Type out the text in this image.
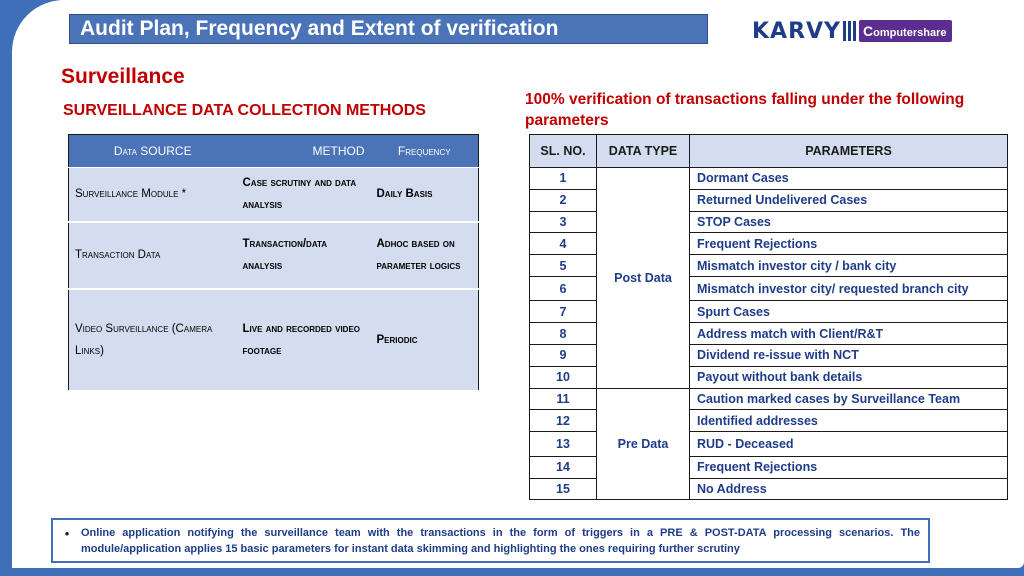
Audit Plan, Frequency and Extent of verification	KARVY Computershare
Surveillance
SURVEILLANCE DATA COLLECTION METHODS
100% verification of transactions falling under the following parameters
Data SOURCE	METHOD	Frequency
Surveillance Module *	Case scrutiny and data analysis	Daily Basis
Transaction Data	Transaction/data analysis	Adhoc based on parameter logics
Video Surveillance (Camera Links)	Live and recorded video footage	Periodic
SL. NO.	DATA TYPE	PARAMETERS
1	Post Data	Dormant Cases
2		Returned Undelivered Cases
3		STOP Cases
4		Frequent Rejections
5		Mismatch investor city / bank city
6		Mismatch investor city/ requested branch city
7		Spurt Cases
8		Address match with Client/R&T
9		Dividend re-issue with NCT
10		Payout without bank details
11	Pre Data	Caution marked cases by Surveillance Team
12		Identified addresses
13		RUD - Deceased
14		Frequent Rejections
15		No Address
•	Online application notifying the surveillance team with the transactions in the form of triggers in a PRE & POST-DATA processing scenarios. The module/application applies 15 basic parameters for instant data skimming and highlighting the ones requiring further scrutiny
33
